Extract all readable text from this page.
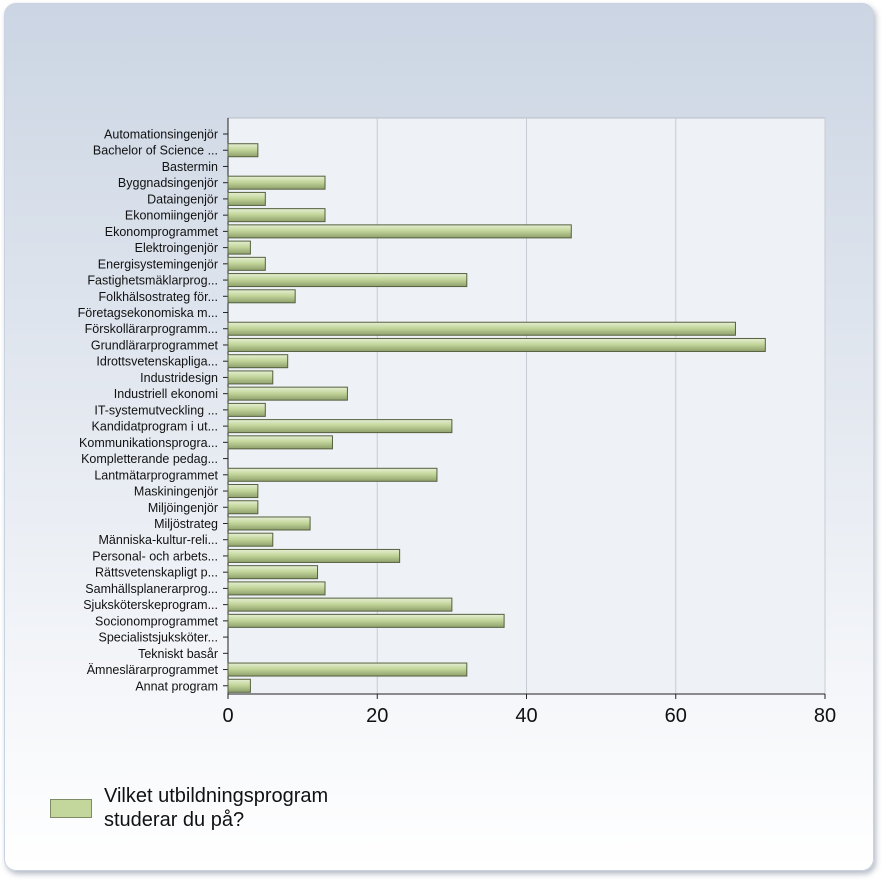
0	20	40	60	80
Automationsingenjör
Bachelor of Science ...
Bastermin
Byggnadsingenjör
Dataingenjör
Ekonomiingenjör
Ekonomprogrammet
Elektroingenjör
Energisystemingenjör
Fastighetsmäklarprog...
Folkhälsostrateg för...
Företagsekonomiska m...
Förskollärarprogramm...
Grundlärarprogrammet
Idrottsvetenskapliga...
Industridesign
Industriell ekonomi
IT-systemutveckling ...
Kandidatprogram i ut...
Kommunikationsprogra...
Kompletterande pedag...
Lantmätarprogrammet
Maskiningenjör
Miljöingenjör
Miljöstrateg
Människa-kultur-reli...
Personal- och arbets...
Rättsvetenskapligt p...
Samhällsplanerarprog...
Sjuksköterskeprogram...
Socionomprogrammet
Specialistsjuksköter...
Tekniskt basår
Ämneslärarprogrammet
Annat program
Vilket utbildningsprogram studerar du på?
